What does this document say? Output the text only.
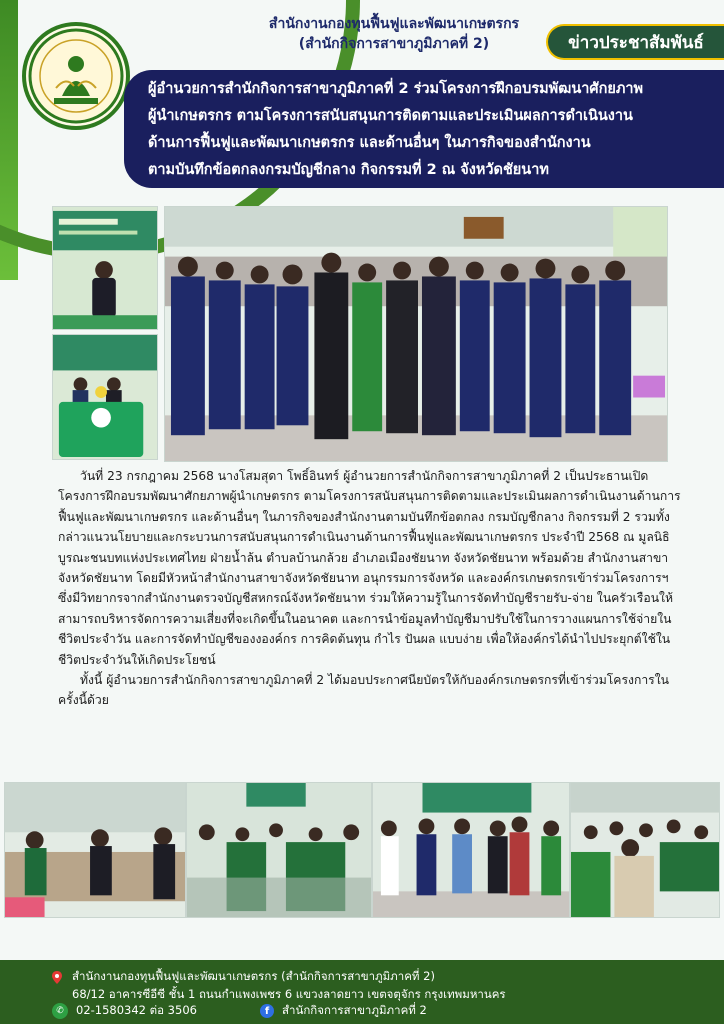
สำนักงานกองทุนฟื้นฟูและพัฒนาเกษตรกร
(สำนักกิจการสาขาภูมิภาคที่ 2)	ข่าวประชาสัมพันธ์
ผู้อำนวยการสำนักกิจการสาขาภูมิภาคที่ 2 ร่วมโครงการฝึกอบรมพัฒนาศักยภาพ
ผู้นำเกษตรกร ตามโครงการสนับสนุนการติดตามและประเมินผลการดำเนินงาน
ด้านการฟื้นฟูและพัฒนาเกษตรกร และด้านอื่นๆ ในภารกิจของสำนักงาน
ตามบันทึกข้อตกลงกรมบัญชีกลาง กิจกรรมที่ 2 ณ จังหวัดชัยนาท

วันที่ 23 กรกฎาคม 2568 นางโสมสุดา โพธิ์อินทร์ ผู้อำนวยการสำนักกิจการสาขาภูมิภาคที่ 2 เป็นประธานเปิดโครงการฝึกอบรมพัฒนาศักยภาพผู้นำเกษตรกร ตามโครงการสนับสนุนการติดตามและประเมินผลการดำเนินงานด้านการฟื้นฟูและพัฒนาเกษตรกร และด้านอื่นๆ ในภารกิจของสำนักงานตามบันทึกข้อตกลง กรมบัญชีกลาง กิจกรรมที่ 2 รวมทั้งกล่าวแนวนโยบายและกระบวนการสนับสนุนการดำเนินงานด้านการฟื้นฟูและพัฒนาเกษตรกร ประจำปี 2568 ณ มูลนิธิบูรณะชนบทแห่งประเทศไทย ฝ่ายน้ำล้น ตำบลบ้านกล้วย อำเภอเมืองชัยนาท จังหวัดชัยนาท พร้อมด้วย สำนักงานสาขาจังหวัดชัยนาท โดยมีหัวหน้าสำนักงานสาขาจังหวัดชัยนาท อนุกรรมการจังหวัด และองค์กรเกษตรกรเข้าร่วมโครงการฯ ซึ่งมีวิทยากรจากสำนักงานตรวจบัญชีสหกรณ์จังหวัดชัยนาท ร่วมให้ความรู้ในการจัดทำบัญชีรายรับ-จ่าย ในครัวเรือนให้สามารถบริหารจัดการความเสี่ยงที่จะเกิดขึ้นในอนาคต และการนำข้อมูลทำบัญชีมาปรับใช้ในการวางแผนการใช้จ่ายในชีวิตประจำวัน และการจัดทำบัญชีของงองค์กร การคิดต้นทุน กำไร ปันผล แบบง่าย เพื่อให้องค์กรได้นำไปประยุกต์ใช้ในชีวิตประจำวันให้เกิดประโยชน์

ทั้งนี้ ผู้อำนวยการสำนักกิจการสาขาภูมิภาคที่ 2 ได้มอบประกาศนียบัตรให้กับองค์กรเกษตรกรที่เข้าร่วมโครงการในครั้งนี้ด้วย

สำนักงานกองทุนฟื้นฟูและพัฒนาเกษตรกร (สำนักกิจการสาขาภูมิภาคที่ 2)
68/12 อาคารซีอีซี ชั้น 1 ถนนกำแพงเพชร 6 แขวงลาดยาว เขตจตุจักร กรุงเทพมหานคร
✆	02-1580342 ต่อ 3506	f	สำนักกิจการสาขาภูมิภาคที่ 2
